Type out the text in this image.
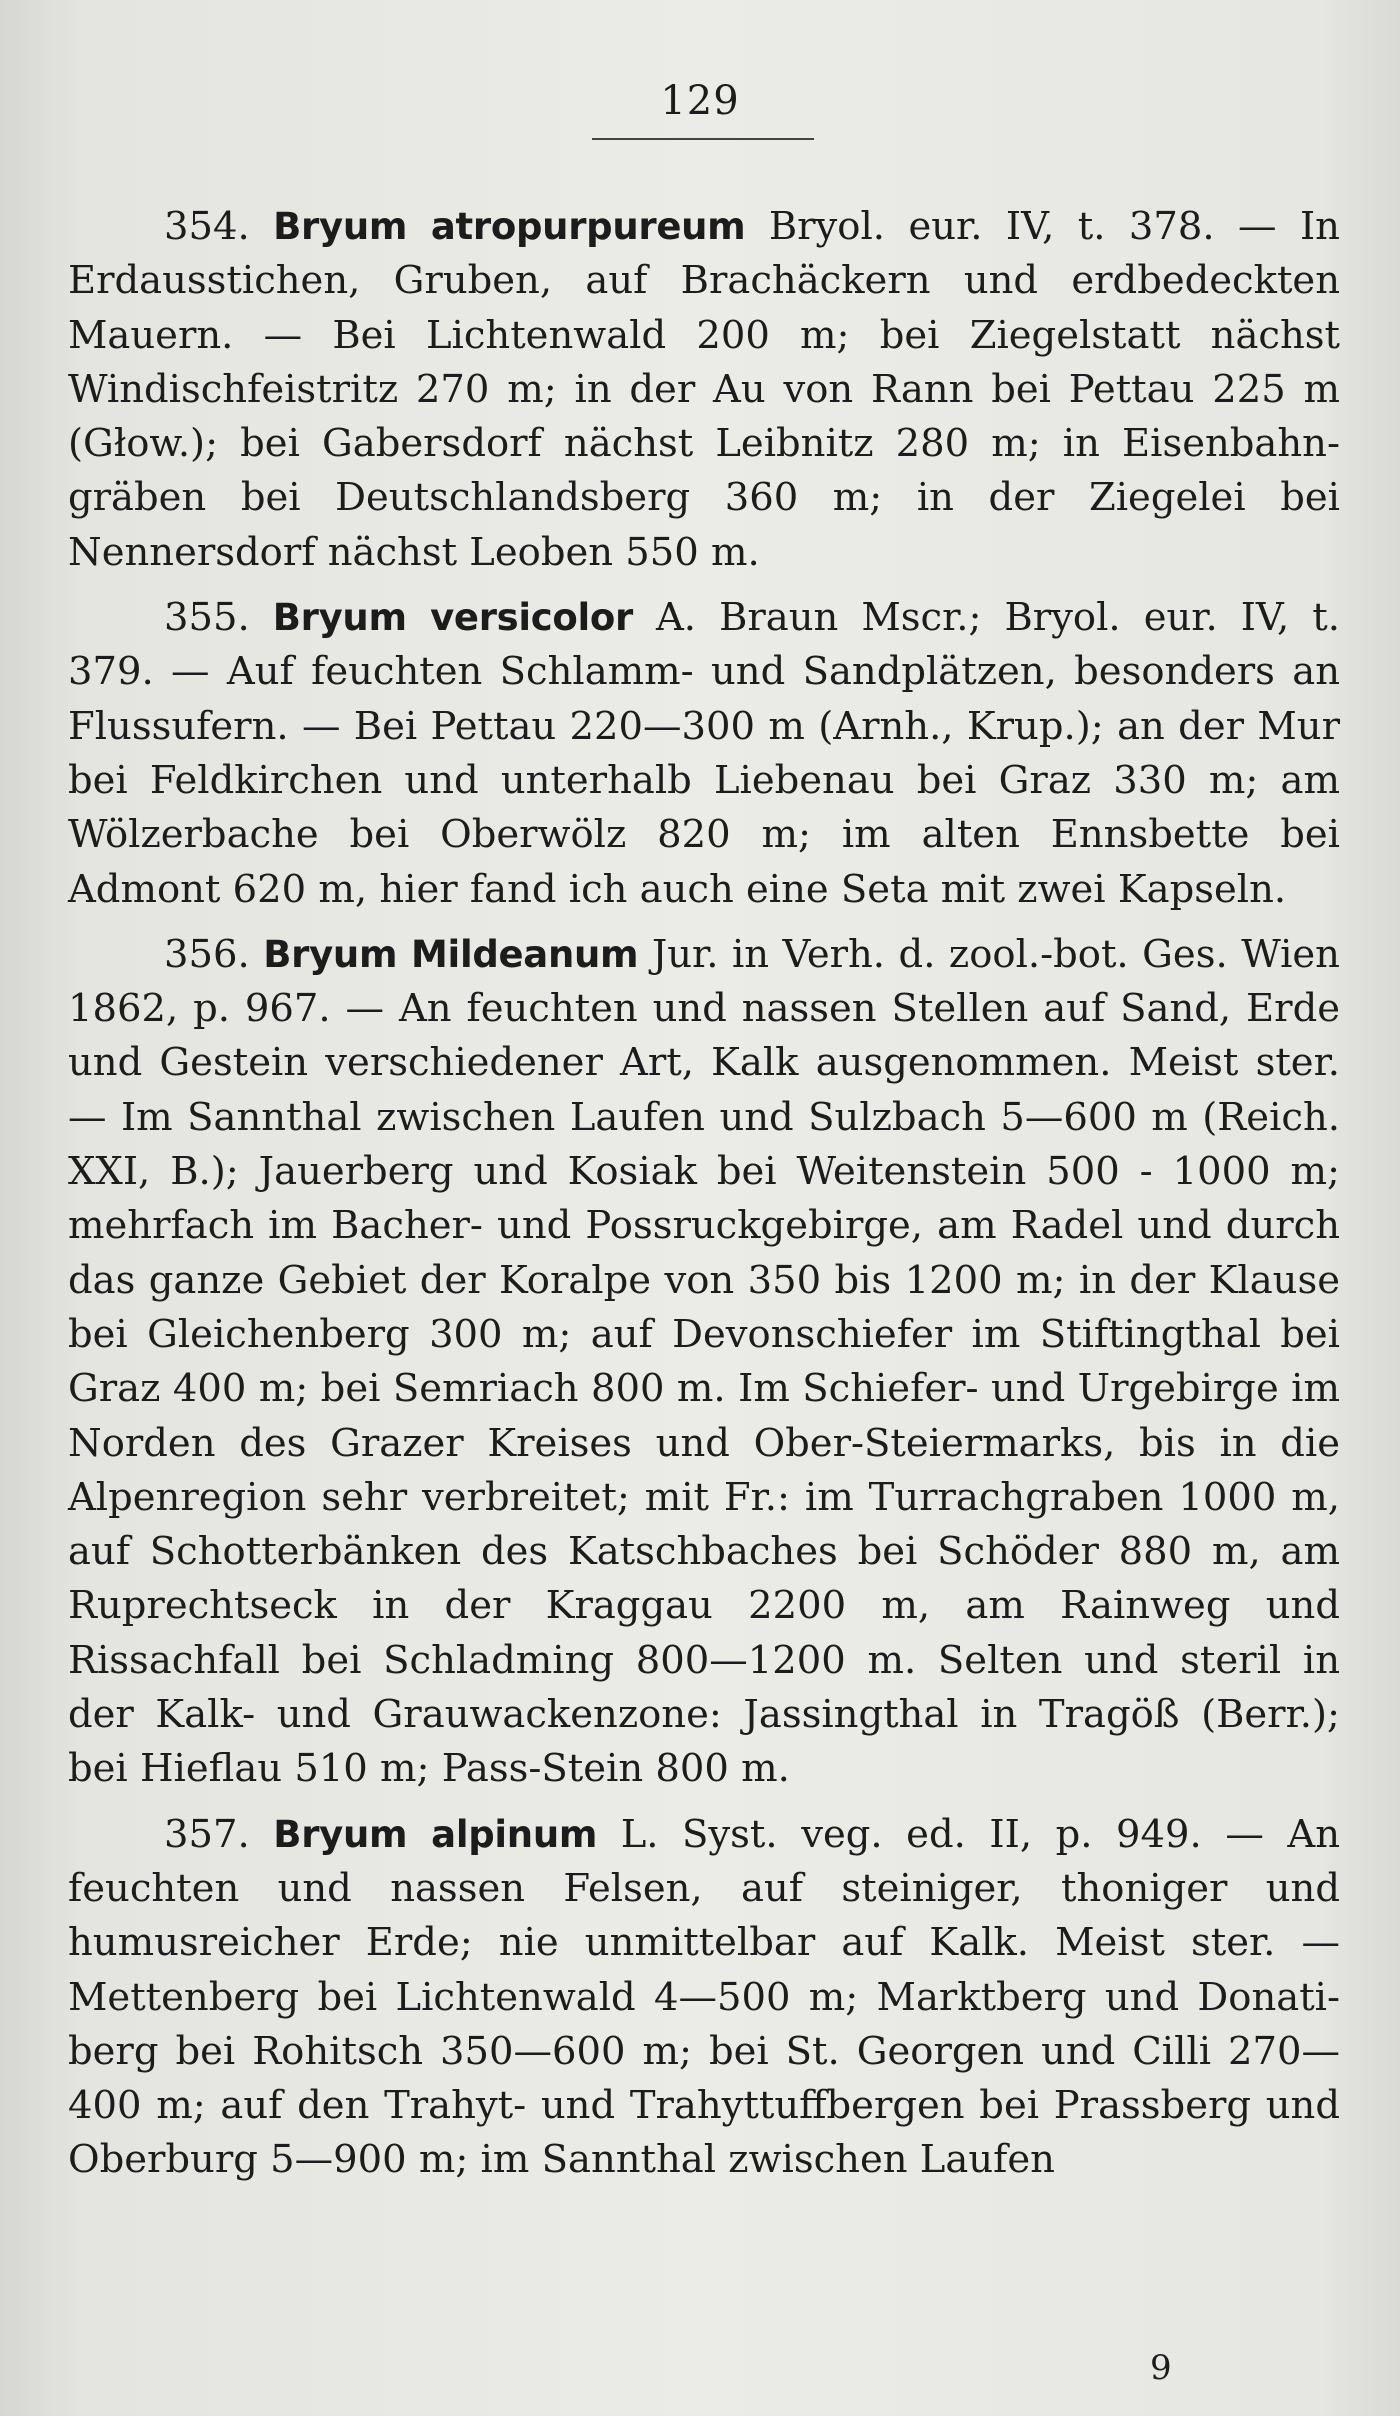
129

354. Bryum atropurpureum Bryol. eur. IV, t. 378. — In Erdausstichen, Gruben, auf Brachäckern und erdbedeckten Mauern. — Bei Lichtenwald 200 m; bei Ziegelstatt nächst Windischfeistritz 270 m; in der Au von Rann bei Pettau 225 m (Głow.); bei Gabersdorf nächst Leibnitz 280 m; in Eisenbahngräben bei Deutschlandsberg 360 m; in der Ziegelei bei Nennersdorf nächst Leoben 550 m.

355. Bryum versicolor A. Braun Mscr.; Bryol. eur. IV, t. 379. — Auf feuchten Schlamm- und Sandplätzen, besonders an Flussufern. — Bei Pettau 220—300 m (Arnh., Krup.); an der Mur bei Feldkirchen und unterhalb Liebenau bei Graz 330 m; am Wölzerbache bei Oberwölz 820 m; im alten Ennsbette bei Admont 620 m, hier fand ich auch eine Seta mit zwei Kapseln.

356. Bryum Mildeanum Jur. in Verh. d. zool.-bot. Ges. Wien 1862, p. 967. — An feuchten und nassen Stellen auf Sand, Erde und Gestein verschiedener Art, Kalk ausgenommen. Meist ster. — Im Sannthal zwischen Laufen und Sulzbach 5—600 m (Reich. XXI, B.); Jauerberg und Kosiak bei Weitenstein 500 - 1000 m; mehrfach im Bacher- und Possruckgebirge, am Radel und durch das ganze Gebiet der Koralpe von 350 bis 1200 m; in der Klause bei Gleichenberg 300 m; auf Devonschiefer im Stiftingthal bei Graz 400 m; bei Semriach 800 m. Im Schiefer- und Urgebirge im Norden des Grazer Kreises und Ober-Steiermarks, bis in die Alpenregion sehr verbreitet; mit Fr.: im Turrachgraben 1000 m, auf Schotterbänken des Katschbaches bei Schöder 880 m, am Ruprechtseck in der Kraggau 2200 m, am Rainweg und Rissachfall bei Schladming 800—1200 m. Selten und steril in der Kalk- und Grauwackenzone: Jassingthal in Tragöß (Berr.); bei Hieflau 510 m; Pass-Stein 800 m.

357. Bryum alpinum L. Syst. veg. ed. II, p. 949. — An feuchten und nassen Felsen, auf steiniger, thoniger und humusreicher Erde; nie unmittelbar auf Kalk. Meist ster. — Mettenberg bei Lichtenwald 4—500 m; Marktberg und Donatiberg bei Rohitsch 350—600 m; bei St. Georgen und Cilli 270—400 m; auf den Trahyt- und Trahyttuffbergen bei Prassberg und Oberburg 5—900 m; im Sannthal zwischen Laufen

9
